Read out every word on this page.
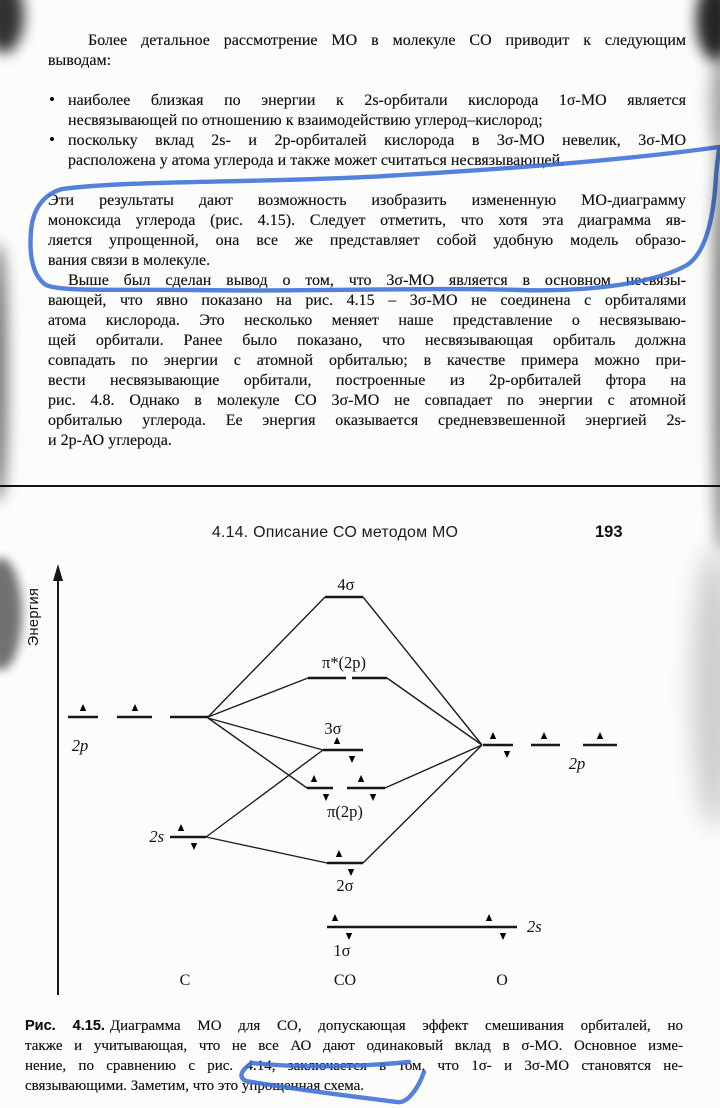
Более детальное рассмотрение МО в молекуле СО приводит к следующим
выводам:
• наиболее близкая по энергии к 2s-орбитали кислорода 1σ-МО является
несвязывающей по отношению к взаимодействию углерод–кислород;
• поскольку вклад 2s- и 2p-орбиталей кислорода в 3σ-МО невелик, 3σ-МО
расположена у атома углерода и также может считаться несвязывающей.
Эти результаты дают возможность изобразить измененную МО-диаграмму
моноксида углерода (рис. 4.15). Следует отметить, что хотя эта диаграмма яв-
ляется упрощенной, она все же представляет собой удобную модель образо-
вания связи в молекуле.
Выше был сделан вывод о том, что 3σ-МО является в основном несвязы-
вающей, что явно показано на рис. 4.15 – 3σ-МО не соединена с орбиталями
атома кислорода. Это несколько меняет наше представление о несвязываю-
щей орбитали. Ранее было показано, что несвязывающая орбиталь должна
совпадать по энергии с атомной орбиталью; в качестве примера можно при-
вести несвязывающие орбитали, построенные из 2p-орбиталей фтора на
рис. 4.8. Однако в молекуле СО 3σ-МО не совпадает по энергии с атомной
орбиталью углерода. Ее энергия оказывается средневзвешенной энергией 2s-
и 2p-АО углерода.
4.14. Описание СО методом МО	193
Энергия
4σ
π*(2p)
3σ
π(2p)
2σ
1σ
2p
2s
2p
2s
C	CO	O
Рис. 4.15. Диаграмма МО для СО, допускающая эффект смешивания орбиталей, но
также и учитывающая, что не все АО дают одинаковый вклад в σ-МО. Основное изме-
нение, по сравнению с рис. 4.14, заключается в том, что 1σ- и 3σ-МО становятся не-
связывающими. Заметим, что это упрощенная схема.
